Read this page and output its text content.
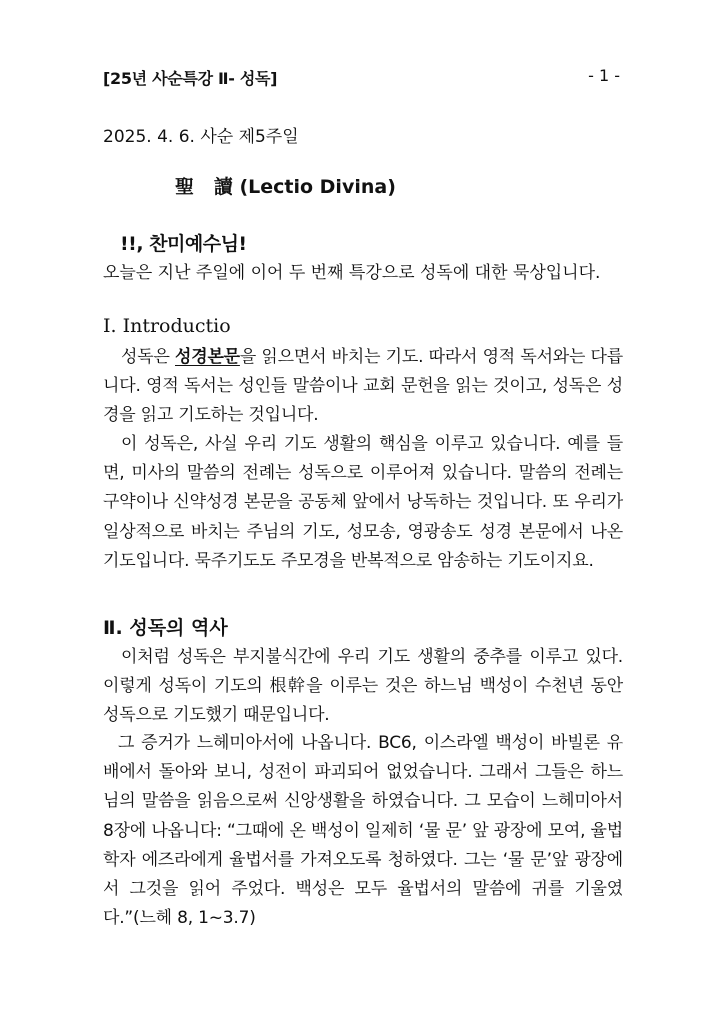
[25년 사순특강 Ⅱ- 성독]	- 1 -
2025. 4. 6. 사순 제5주일
聖   讀 (Lectio Divina)
!!, 찬미예수님!
오늘은 지난 주일에 이어 두 번째 특강으로 성독에 대한 묵상입니다.
Ⅰ. Introductio

성독은 성경본문을 읽으면서 바치는 기도. 따라서 영적 독서와는 다릅니다. 영적 독서는 성인들 말씀이나 교회 문헌을 읽는 것이고, 성독은 성경을 읽고 기도하는 것입니다.

이 성독은, 사실 우리 기도 생활의 핵심을 이루고 있습니다. 예를 들면, 미사의 말씀의 전례는 성독으로 이루어져 있습니다. 말씀의 전례는 구약이나 신약성경 본문을 공동체 앞에서 낭독하는 것입니다. 또 우리가 일상적으로 바치는 주님의 기도, 성모송, 영광송도 성경 본문에서 나온 기도입니다. 묵주기도도 주모경을 반복적으로 암송하는 기도이지요.

Ⅱ. 성독의 역사

이처럼 성독은 부지불식간에 우리 기도 생활의 중추를 이루고 있다. 이렇게 성독이 기도의 根幹을 이루는 것은 하느님 백성이 수천년 동안 성독으로 기도했기 때문입니다.

그 증거가 느헤미아서에 나옵니다. BC6, 이스라엘 백성이 바빌론 유배에서 돌아와 보니, 성전이 파괴되어 없었습니다. 그래서 그들은 하느님의 말씀을 읽음으로써 신앙생활을 하였습니다. 그 모습이 느헤미아서 8장에 나옵니다: “그때에 온 백성이 일제히 ‘물 문’ 앞 광장에 모여, 율법학자 에즈라에게 율법서를 가져오도록 청하였다. 그는 ‘물 문’앞 광장에서 그것을 읽어 주었다. 백성은 모두 율법서의 말씀에 귀를 기울였다.”(느헤 8, 1~3.7)
